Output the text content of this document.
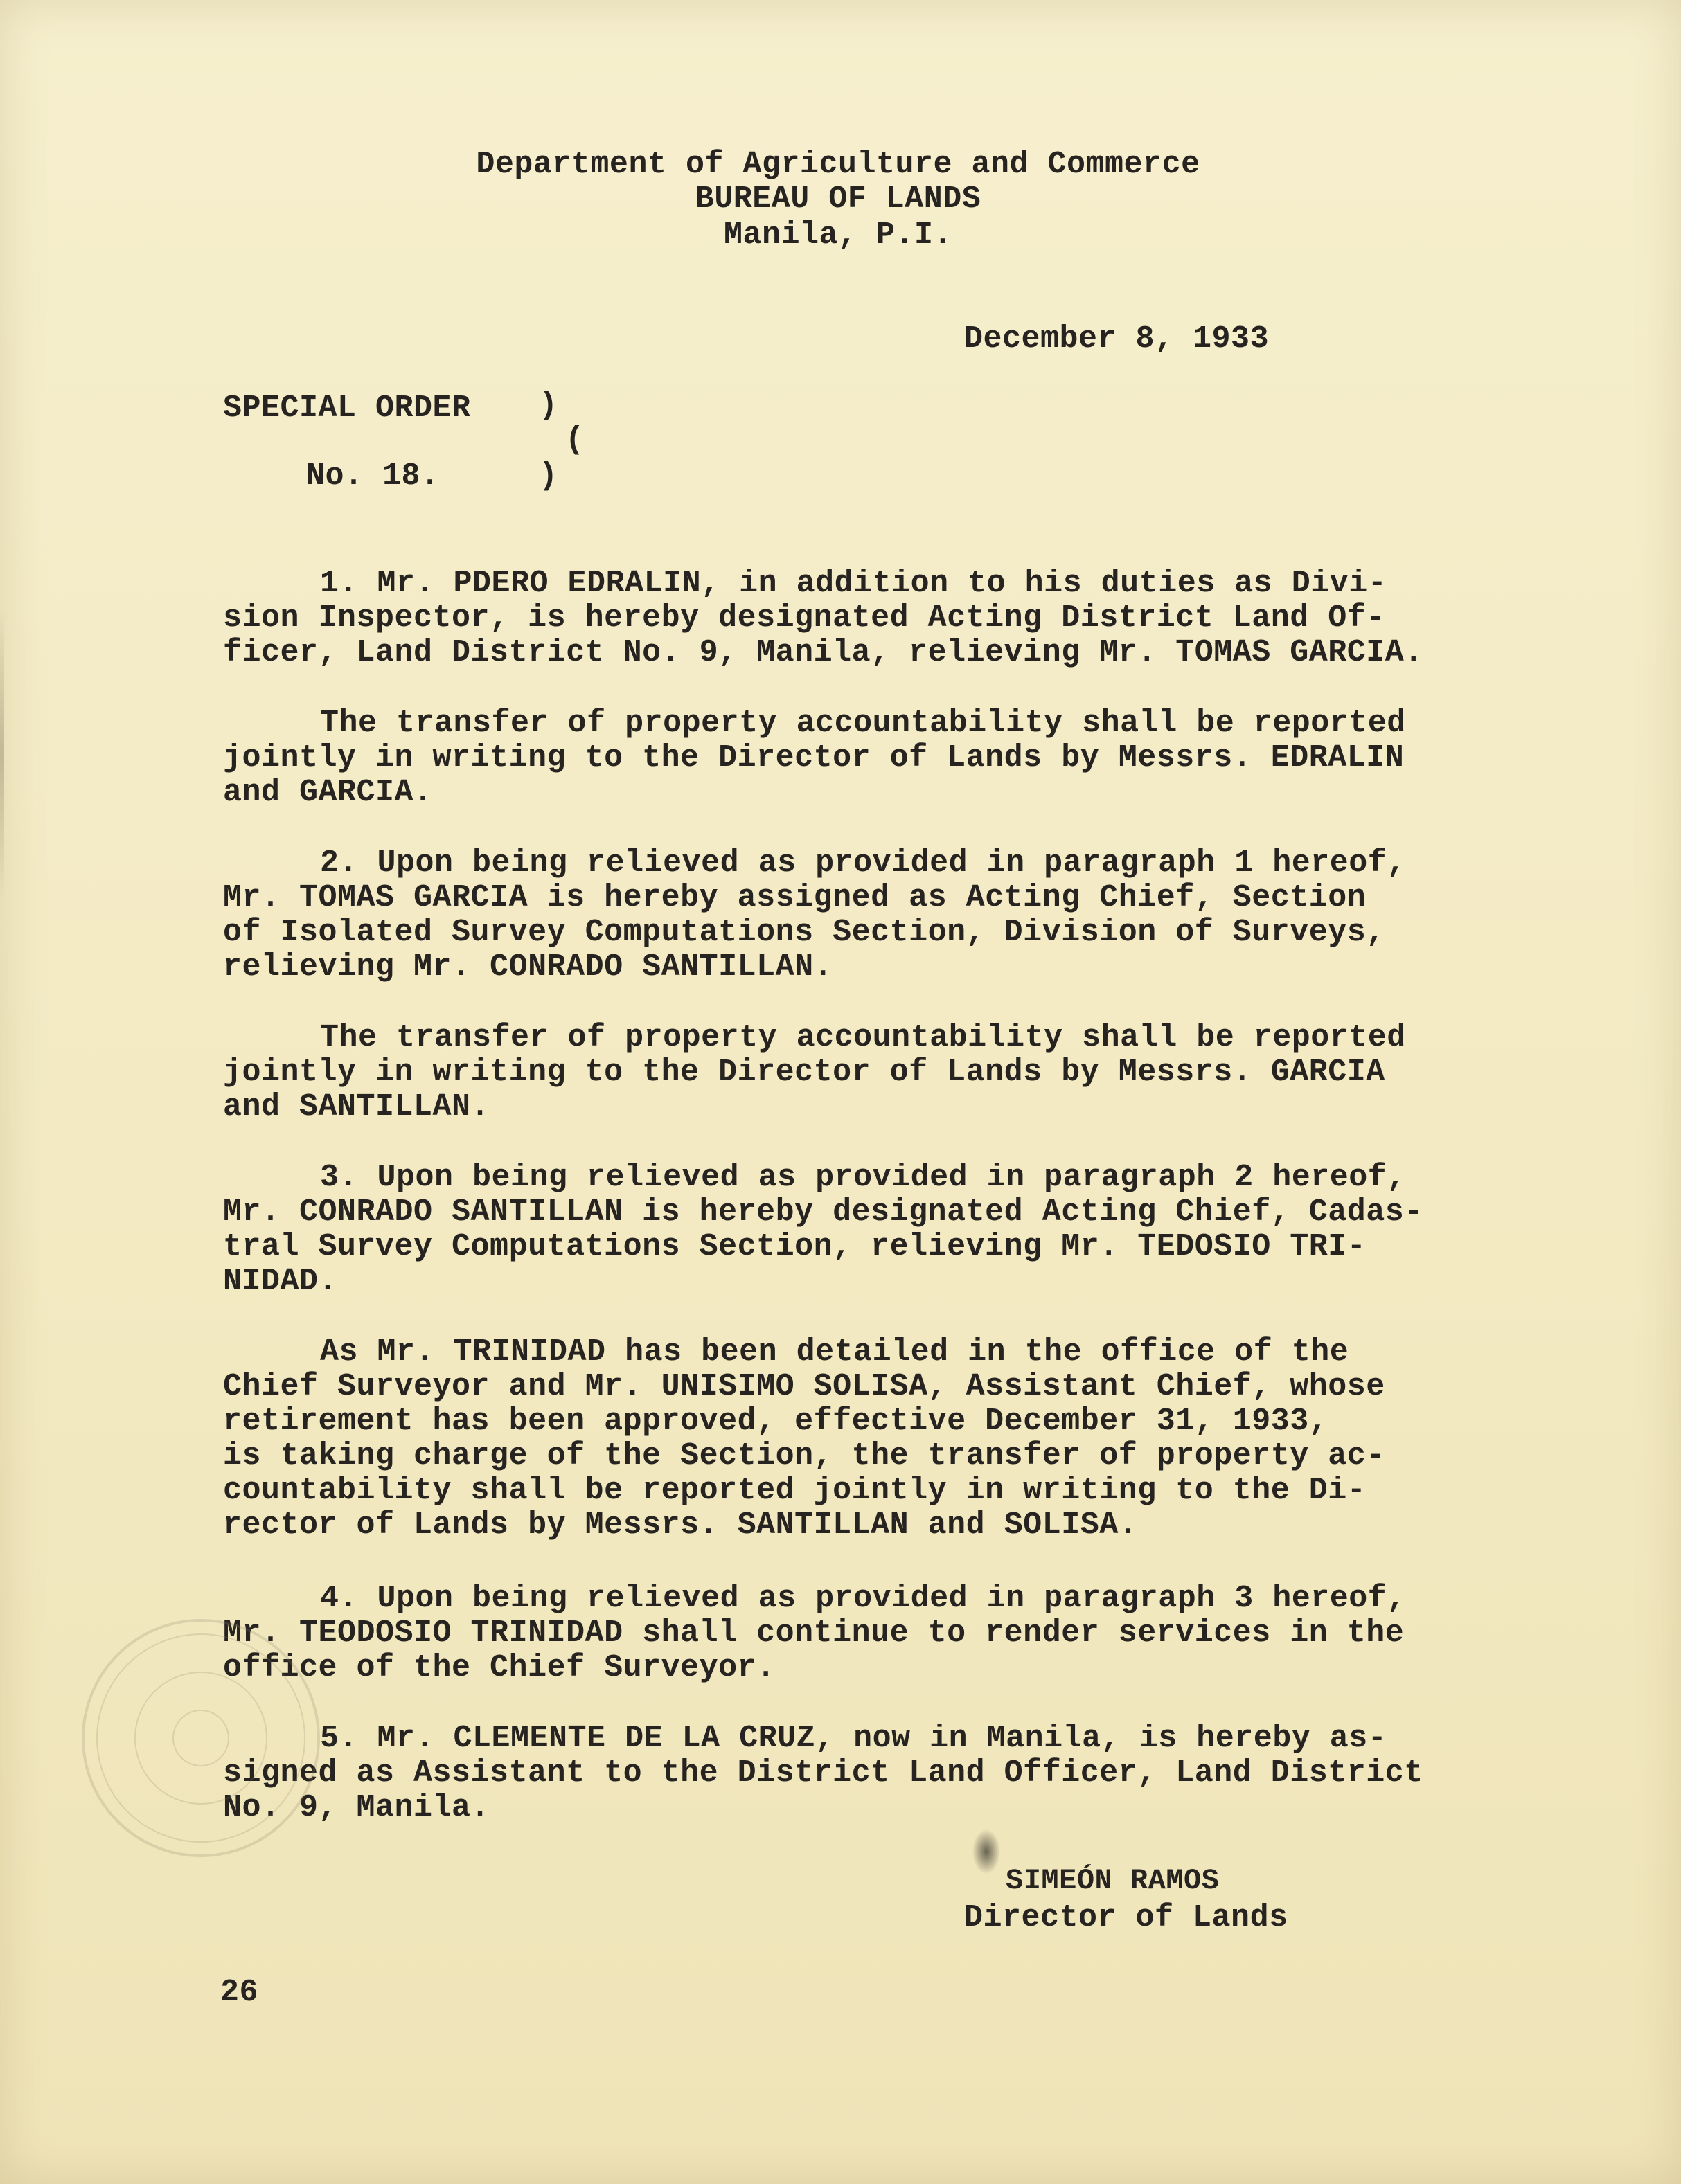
Department of Agriculture and Commerce
BUREAU OF LANDS
Manila, P.I.
December 8, 1933
SPECIAL ORDER )
(
No. 18.	)
1. Mr. PDERO EDRALIN, in addition to his duties as Divi-
sion Inspector, is hereby designated Acting District Land Of-
ficer, Land District No. 9, Manila, relieving Mr. TOMAS GARCIA.
The transfer of property accountability shall be reported
jointly in writing to the Director of Lands by Messrs. EDRALIN
and GARCIA.
2. Upon being relieved as provided in paragraph 1 hereof,
Mr. TOMAS GARCIA is hereby assigned as Acting Chief, Section
of Isolated Survey Computations Section, Division of Surveys,
relieving Mr. CONRADO SANTILLAN.
The transfer of property accountability shall be reported
jointly in writing to the Director of Lands by Messrs. GARCIA
and SANTILLAN.
3. Upon being relieved as provided in paragraph 2 hereof,
Mr. CONRADO SANTILLAN is hereby designated Acting Chief, Cadas-
tral Survey Computations Section, relieving Mr. TEDOSIO TRI-
NIDAD.
As Mr. TRINIDAD has been detailed in the office of the
Chief Surveyor and Mr. UNISIMO SOLISA, Assistant Chief, whose
retirement has been approved, effective December 31, 1933,
is taking charge of the Section, the transfer of property ac-
countability shall be reported jointly in writing to the Di-
rector of Lands by Messrs. SANTILLAN and SOLISA.
4. Upon being relieved as provided in paragraph 3 hereof,
Mr. TEODOSIO TRINIDAD shall continue to render services in the
office of the Chief Surveyor.
5. Mr. CLEMENTE DE LA CRUZ, now in Manila, is hereby as-
signed as Assistant to the District Land Officer, Land District
No. 9, Manila.
SIMEÓN RAMOS
Director of Lands
26
